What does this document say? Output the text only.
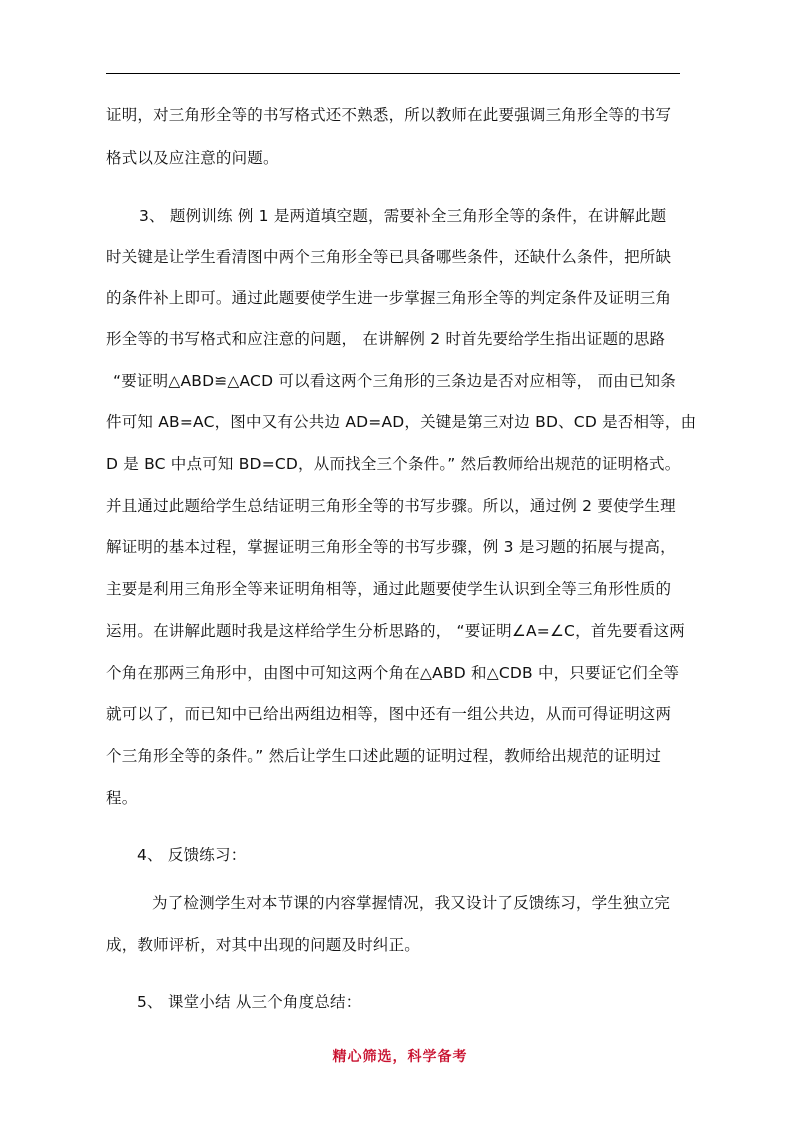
证明，对三角形全等的书写格式还不熟悉，所以教师在此要强调三角形全等的书写
格式以及应注意的问题。
3、 题例训练 例 1 是两道填空题，需要补全三角形全等的条件，在讲解此题
时关键是让学生看清图中两个三角形全等已具备哪些条件，还缺什么条件，把所缺
的条件补上即可。通过此题要使学生进一步掌握三角形全等的判定条件及证明三角
形全等的书写格式和应注意的问题， 在讲解例 2 时首先要给学生指出证题的思路
“要证明△ABD≌△ACD 可以看这两个三角形的三条边是否对应相等， 而由已知条
件可知 AB=AC，图中又有公共边 AD=AD，关键是第三对边 BD、CD 是否相等，由
D 是 BC 中点可知 BD=CD，从而找全三个条件。” 然后教师给出规范的证明格式。
并且通过此题给学生总结证明三角形全等的书写步骤。所以，通过例 2 要使学生理
解证明的基本过程，掌握证明三角形全等的书写步骤，例 3 是习题的拓展与提高，
主要是利用三角形全等来证明角相等，通过此题要使学生认识到全等三角形性质的
运用。在讲解此题时我是这样给学生分析思路的， “要证明∠A=∠C，首先要看这两
个角在那两三角形中，由图中可知这两个角在△ABD 和△CDB 中，只要证它们全等
就可以了，而已知中已给出两组边相等，图中还有一组公共边，从而可得证明这两
个三角形全等的条件。” 然后让学生口述此题的证明过程，教师给出规范的证明过
程。
4、 反馈练习：
为了检测学生对本节课的内容掌握情况，我又设计了反馈练习，学生独立完
成，教师评析，对其中出现的问题及时纠正。
5、 课堂小结 从三个角度总结：
精心筛选，科学备考
